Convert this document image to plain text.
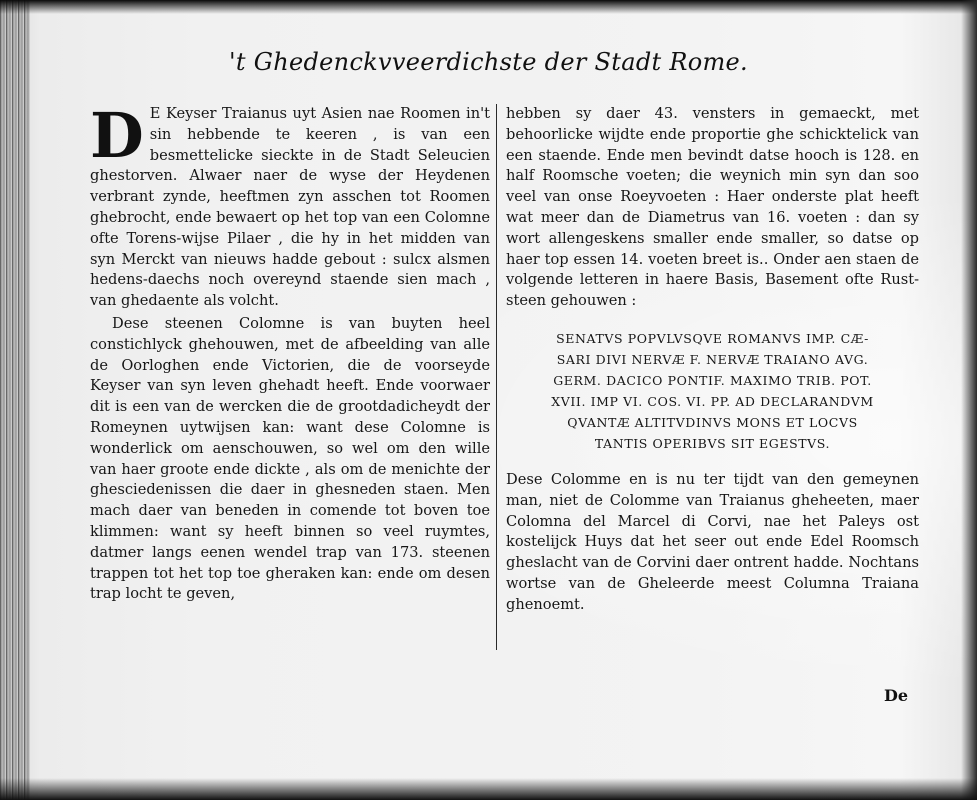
't Ghedenckvveerdichste der Stadt Rome.
D E Keyser Traianus uyt Asien nae Roomen in't sin hebbende te keeren , is van een besmettelicke sieckte in de Stadt Seleucien ghestorven. Alwaer naer de wyse der Heydenen verbrant zynde, heeftmen zyn asschen tot Roomen ghebrocht, ende bewaert op het top van een Colomne ofte Torens-wijse Pilaer , die hy in het midden van syn Merckt van nieuws hadde gebout : sulcx alsmen hedens-daechs noch overeynd staende sien mach , van ghedaente als volcht.

Dese steenen Colomne is van buyten heel constichlyck ghehouwen, met de afbeelding van alle de Oorloghen ende Victorien, die de voorseyde Keyser van syn leven ghehadt heeft. Ende voorwaer dit is een van de wercken die de grootdadicheydt der Romeynen uytwijsen kan: want dese Colomne is wonderlick om aenschouwen, so wel om den wille van haer groote ende dickte , als om de menichte der ghesciedenissen die daer in ghesneden staen. Men mach daer van beneden in comende tot boven toe klimmen: want sy heeft binnen so veel ruymtes, datmer langs eenen wendel trap van 173. steenen trappen tot het top toe gheraken kan: ende om desen trap locht te geven,

hebben sy daer 43. vensters in gemaeckt, met behoorlicke wijdte ende proportie ghe schicktelick van een staende. Ende men bevindt datse hooch is 128. en half Roomsche voeten; die weynich min syn dan soo veel van onse Roeyvoeten : Haer onderste plat heeft wat meer dan de Diametrus van 16. voeten : dan sy wort allengeskens smaller ende smaller, so datse op haer top essen 14. voeten breet is.. Onder aen staen de volgende letteren in haere Basis, Basement ofte Rust-steen gehouwen :

SENATVS POPVLVSQVE ROMANVS IMP. CÆ-
SARI DIVI NERVÆ F. NERVÆ TRAIANO AVG.
GERM. DACICO PONTIF. MAXIMO TRIB. POT.
XVII. IMP VI. COS. VI. PP. AD DECLARANDVM
QVANTÆ ALTITVDINVS MONS ET LOCVS
TANTIS OPERIBVS SIT EGESTVS.

Dese Colomme en is nu ter tijdt van den gemeynen man, niet de Colomme van Traianus gheheeten, maer Colomna del Marcel di Corvi, nae het Paleys ost kostelijck Huys dat het seer out ende Edel Roomsch gheslacht van de Corvini daer ontrent hadde. Nochtans wortse van de Gheleerde meest Columna Traiana ghenoemt.

De
